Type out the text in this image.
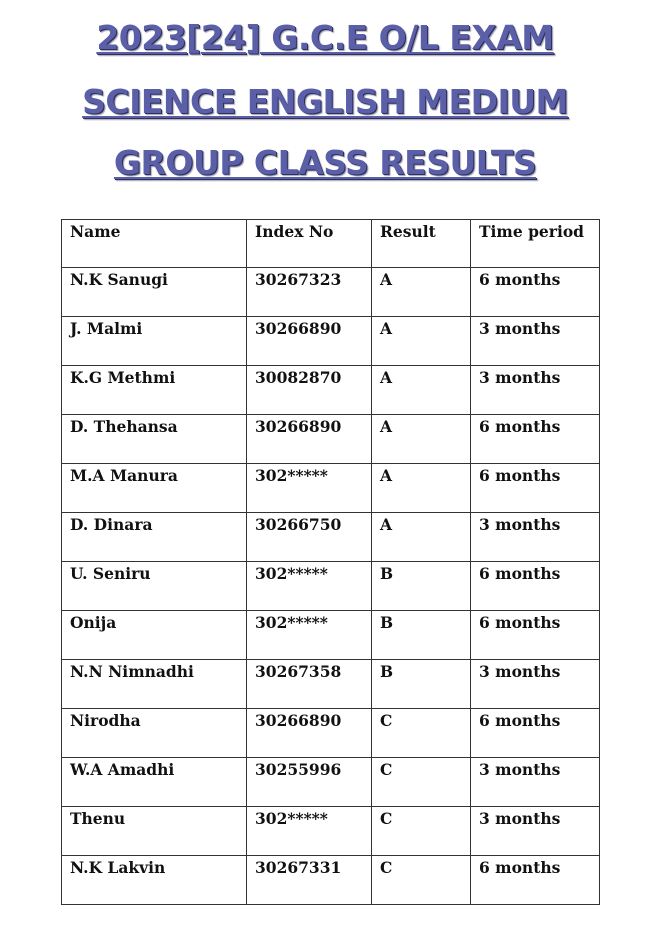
2023[24] G.C.E O/L EXAM
SCIENCE ENGLISH MEDIUM
GROUP CLASS RESULTS
Name	Index No	Result	Time period
N.K Sanugi	30267323	A	6 months
J. Malmi	30266890	A	3 months
K.G Methmi	30082870	A	3 months
D. Thehansa	30266890	A	6 months
M.A Manura	302*****	A	6 months
D. Dinara	30266750	A	3 months
U. Seniru	302*****	B	6 months
Onija	302*****	B	6 months
N.N Nimnadhi	30267358	B	3 months
Nirodha	30266890	C	6 months
W.A Amadhi	30255996	C	3 months
Thenu	302*****	C	3 months
N.K Lakvin	30267331	C	6 months
